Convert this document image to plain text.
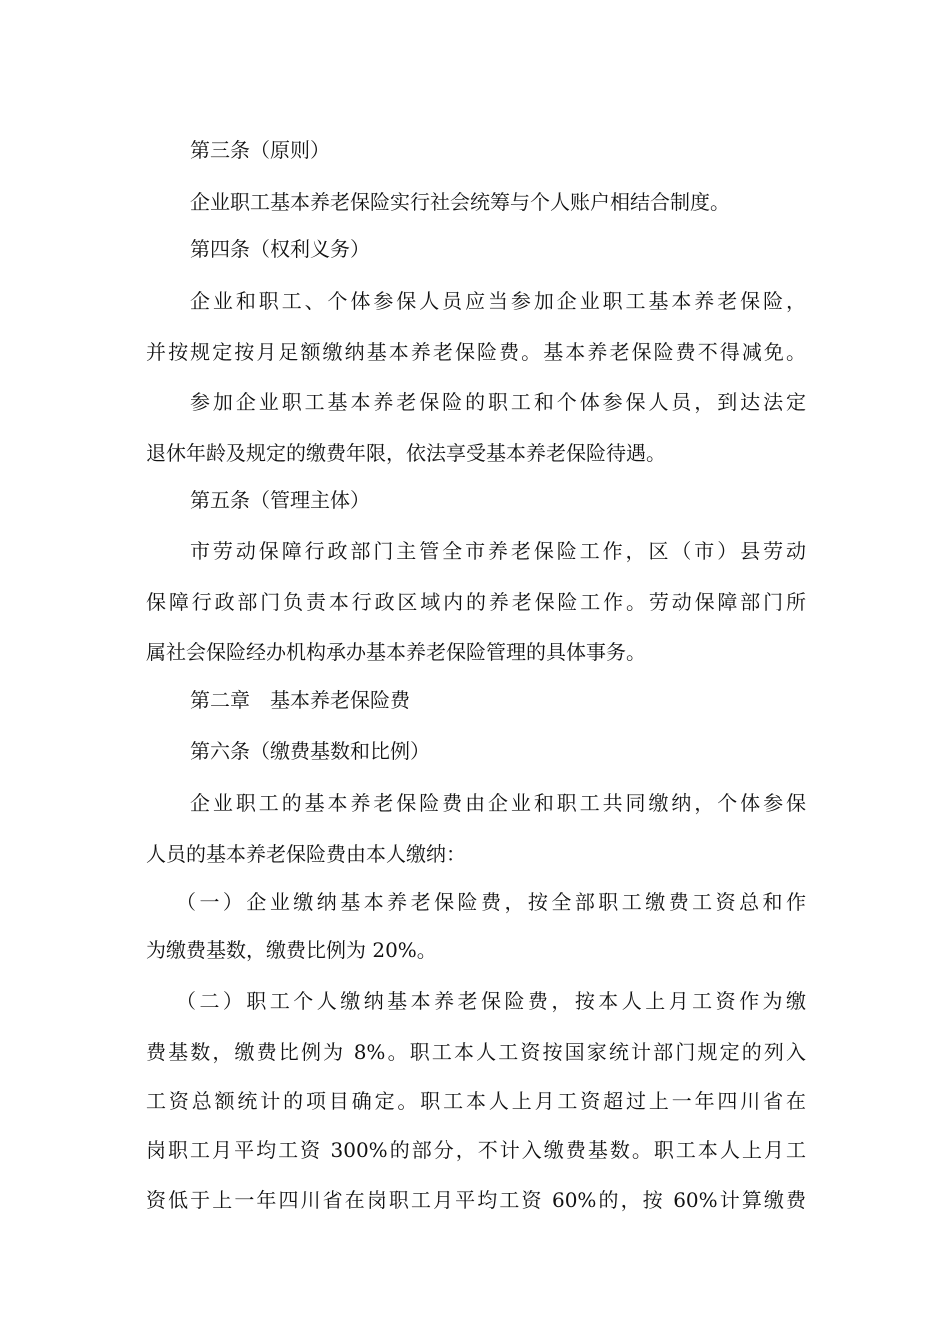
第三条（原则）
企业职工基本养老保险实行社会统筹与个人账户相结合制度。
第四条（权利义务）
企业和职工、个体参保人员应当参加企业职工基本养老保险，
并按规定按月足额缴纳基本养老保险费。基本养老保险费不得减免。
参加企业职工基本养老保险的职工和个体参保人员，到达法定
退休年龄及规定的缴费年限，依法享受基本养老保险待遇。
第五条（管理主体）
市劳动保障行政部门主管全市养老保险工作，区（市）县劳动
保障行政部门负责本行政区域内的养老保险工作。劳动保障部门所
属社会保险经办机构承办基本养老保险管理的具体事务。
第二章　基本养老保险费
第六条（缴费基数和比例）
企业职工的基本养老保险费由企业和职工共同缴纳，个体参保
人员的基本养老保险费由本人缴纳：
（一）企业缴纳基本养老保险费，按全部职工缴费工资总和作
为缴费基数，缴费比例为 20%。
（二）职工个人缴纳基本养老保险费，按本人上月工资作为缴
费基数，缴费比例为 8%。职工本人工资按国家统计部门规定的列入
工资总额统计的项目确定。职工本人上月工资超过上一年四川省在
岗职工月平均工资 300%的部分，不计入缴费基数。职工本人上月工
资低于上一年四川省在岗职工月平均工资 60%的，按 60%计算缴费
